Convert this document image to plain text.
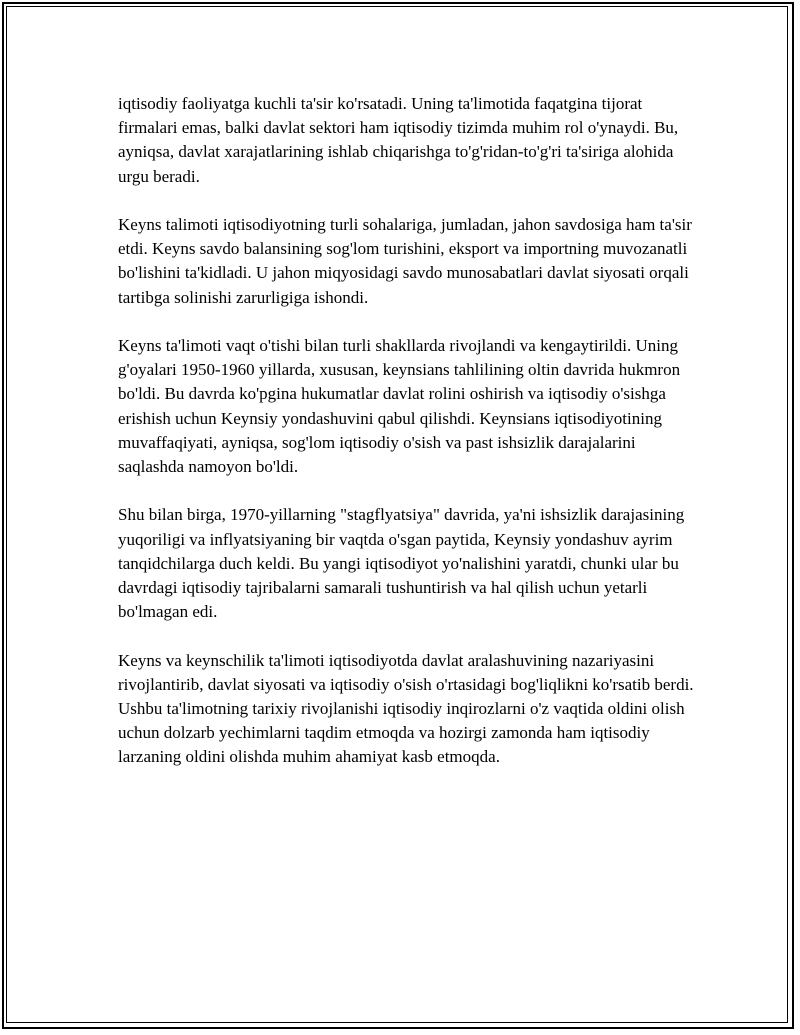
iqtisodiy faoliyatga kuchli ta'sir ko'rsatadi. Uning ta'limotida faqatgina tijorat firmalari emas, balki davlat sektori ham iqtisodiy tizimda muhim rol o'ynaydi. Bu, ayniqsa, davlat xarajatlarining ishlab chiqarishga to'g'ridan-to'g'ri ta'siriga alohida urgu beradi.

Keyns talimoti iqtisodiyotning turli sohalariga, jumladan, jahon savdosiga ham ta'sir etdi. Keyns savdo balansining sog'lom turishini, eksport va importning muvozanatli bo'lishini ta'kidladi. U jahon miqyosidagi savdo munosabatlari davlat siyosati orqali tartibga solinishi zarurligiga ishondi.

Keyns ta'limoti vaqt o'tishi bilan turli shakllarda rivojlandi va kengaytirildi. Uning g'oyalari 1950-1960 yillarda, xususan, keynsians tahlilining oltin davrida hukmron bo'ldi. Bu davrda ko'pgina hukumatlar davlat rolini oshirish va iqtisodiy o'sishga erishish uchun Keynsiy yondashuvini qabul qilishdi. Keynsians iqtisodiyotining muvaffaqiyati, ayniqsa, sog'lom iqtisodiy o'sish va past ishsizlik darajalarini saqlashda namoyon bo'ldi.

Shu bilan birga, 1970-yillarning "stagflyatsiya" davrida, ya'ni ishsizlik darajasining yuqoriligi va inflyatsiyaning bir vaqtda o'sgan paytida, Keynsiy yondashuv ayrim tanqidchilarga duch keldi. Bu yangi iqtisodiyot yo'nalishini yaratdi, chunki ular bu davrdagi iqtisodiy tajribalarni samarali tushuntirish va hal qilish uchun yetarli bo'lmagan edi.

Keyns va keynschilik ta'limoti iqtisodiyotda davlat aralashuvining nazariyasini rivojlantirib, davlat siyosati va iqtisodiy o'sish o'rtasidagi bog'liqlikni ko'rsatib berdi. Ushbu ta'limotning tarixiy rivojlanishi iqtisodiy inqirozlarni o'z vaqtida oldini olish uchun dolzarb yechimlarni taqdim etmoqda va hozirgi zamonda ham iqtisodiy larzaning oldini olishda muhim ahamiyat kasb etmoqda.
